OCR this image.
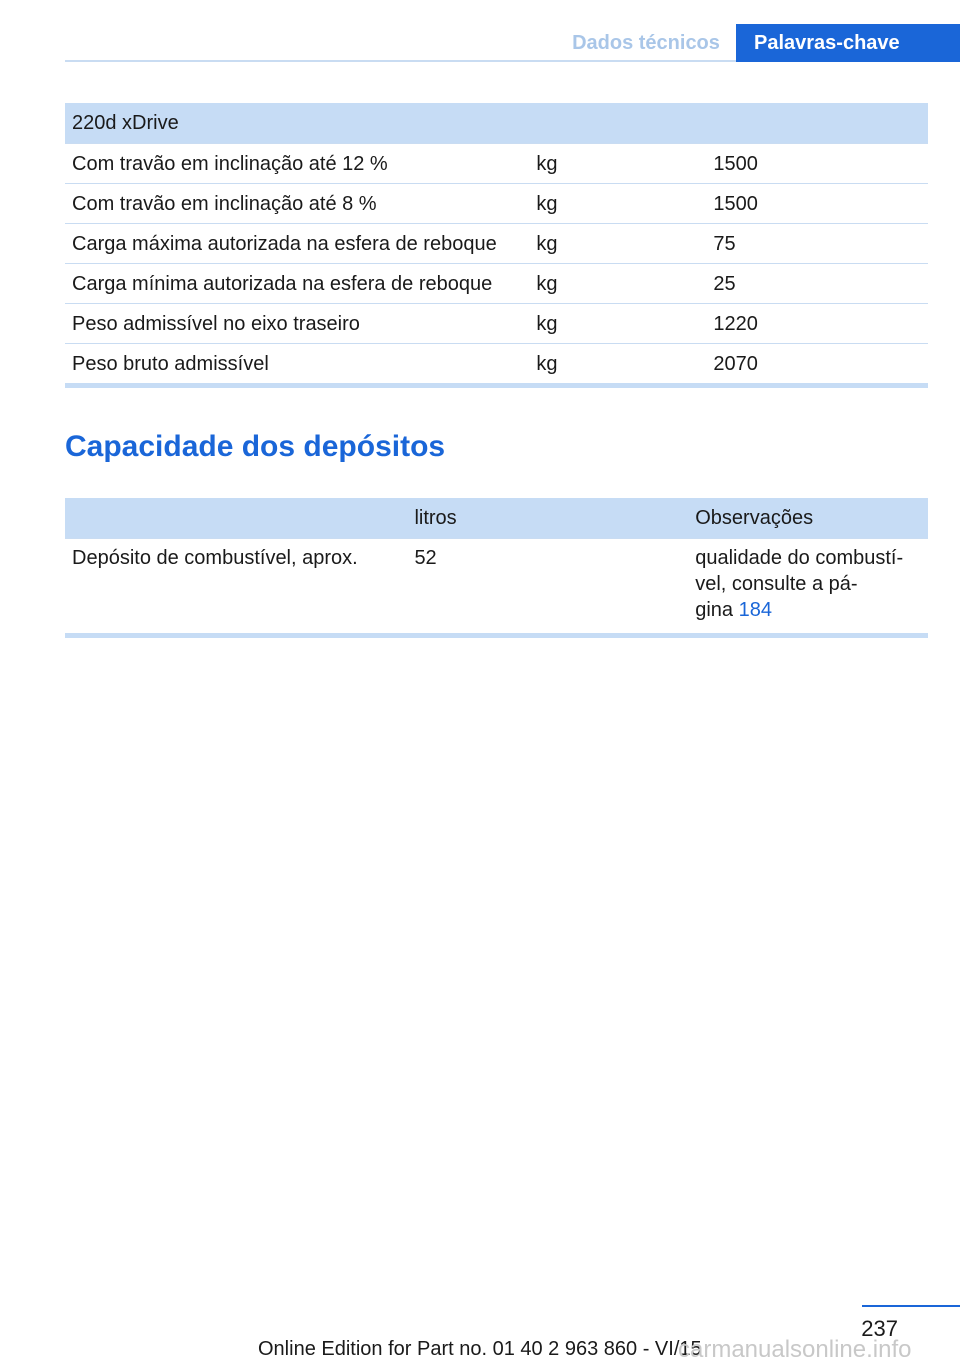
Dados técnicos	Palavras-chave
220d xDrive		
Com travão em inclinação até 12 %	kg	1500
Com travão em inclinação até 8 %	kg	1500
Carga máxima autorizada na esfera de reboque	kg	75
Carga mínima autorizada na esfera de reboque	kg	25
Peso admissível no eixo traseiro	kg	1220
Peso bruto admissível	kg	2070

Capacidade dos depósitos
	litros	Observações
Depósito de combustível, aprox.	52	qualidade do combustí-
vel, consulte a pá-
gina 184

237
Online Edition for Part no. 01 40 2 963 860 - VI/15
carmanualsonline.info
